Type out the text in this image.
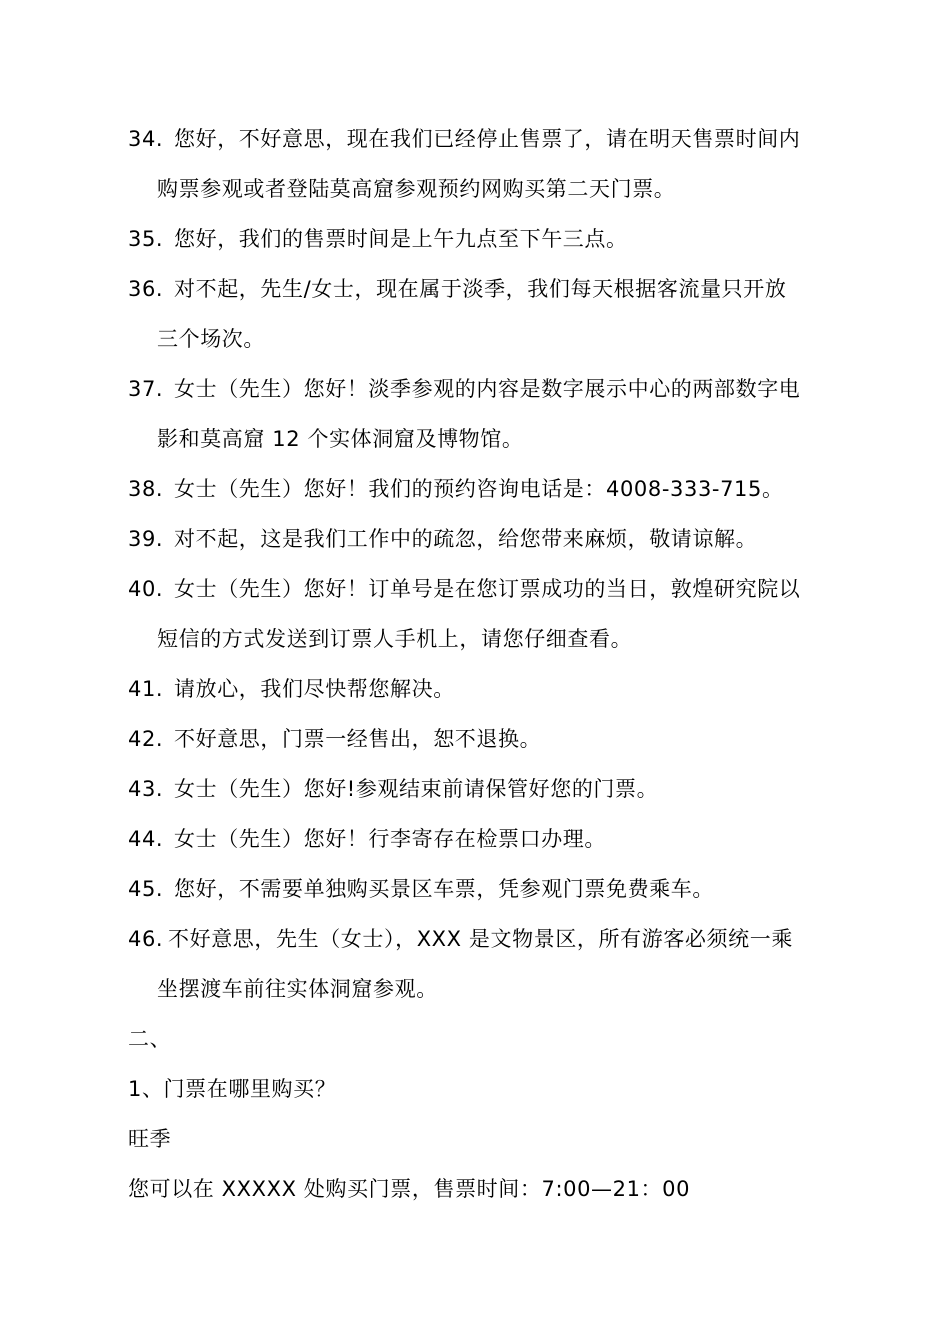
34. 您好，不好意思，现在我们已经停止售票了，请在明天售票时间内
购票参观或者登陆莫高窟参观预约网购买第二天门票。
35. 您好，我们的售票时间是上午九点至下午三点。
36. 对不起，先生/女士，现在属于淡季，我们每天根据客流量只开放
三个场次。
37. 女士（先生）您好！淡季参观的内容是数字展示中心的两部数字电
影和莫高窟 12 个实体洞窟及博物馆。
38. 女士（先生）您好！我们的预约咨询电话是：4008-333-715。
39. 对不起，这是我们工作中的疏忽，给您带来麻烦，敬请谅解。
40. 女士（先生）您好！订单号是在您订票成功的当日，敦煌研究院以
短信的方式发送到订票人手机上，请您仔细查看。
41. 请放心，我们尽快帮您解决。
42. 不好意思，门票一经售出，恕不退换。
43. 女士（先生）您好!参观结束前请保管好您的门票。
44. 女士（先生）您好！行李寄存在检票口办理。
45. 您好，不需要单独购买景区车票，凭参观门票免费乘车。
46. 不好意思，先生（女士），XXX 是文物景区，所有游客必须统一乘
坐摆渡车前往实体洞窟参观。
二、
1、门票在哪里购买？
旺季
您可以在 XXXXX 处购买门票，售票时间：7:00—21：00
